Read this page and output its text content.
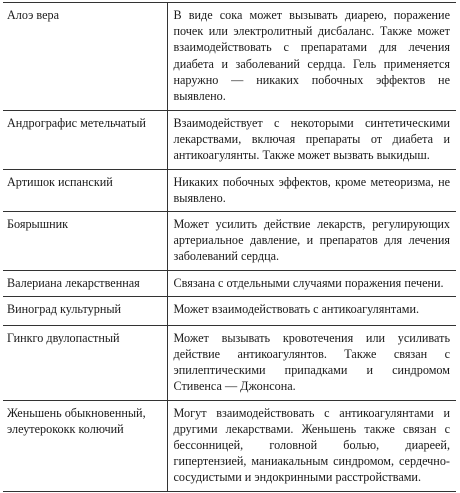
Алоэ вера	В виде сока может вызывать диарею, поражение почек или электролитный дисбаланс. Также может взаимодействовать с препаратами для лечения диабета и заболеваний сердца. Гель применяется наружно — никаких побочных эффектов не выявлено.
Андрографис метельчатый	Взаимодействует с некоторыми синтетическими лекарствами, включая препараты от диабета и антикоагулянты. Также может вызвать выкидыш.
Артишок испанский	Никаких побочных эффектов, кроме метеоризма, не выявлено.
Боярышник	Может усилить действие лекарств, регулирующих артериальное давление, и препаратов для лечения заболеваний сердца.
Валериана лекарственная	Связана с отдельными случаями поражения печени.
Виноград культурный	Может взаимодействовать с антикоагулянтами.
Гинкго двулопастный	Может вызывать кровотечения или усиливать действие антикоагулянтов. Также связан с эпилептическими припадками и синдромом Стивенса — Джонсона.
Женьшень обыкновенный, элеутерококк колючий	Могут взаимодействовать с антикоагулянтами и другими лекарствами. Женьшень также связан с бессонницей, головной болью, диареей, гипертензией, маниакальным синдромом, сердечно-сосудистыми и эндокринными расстройствами.
